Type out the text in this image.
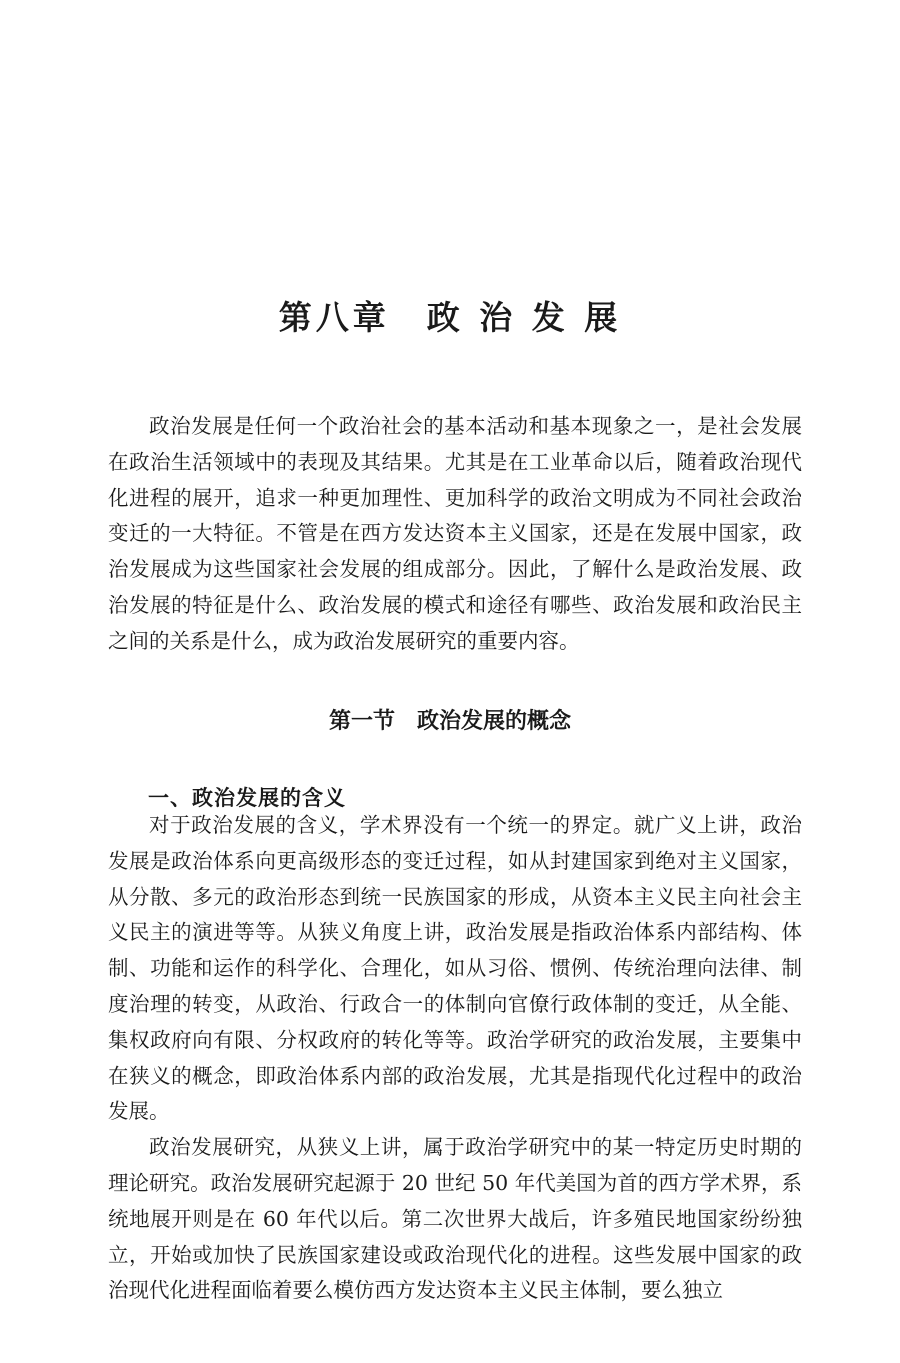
第八章　政 治 发 展

政治发展是任何一个政治社会的基本活动和基本现象之一，是社会发展在政治生活领域中的表现及其结果。尤其是在工业革命以后，随着政治现代化进程的展开，追求一种更加理性、更加科学的政治文明成为不同社会政治变迁的一大特征。不管是在西方发达资本主义国家，还是在发展中国家，政治发展成为这些国家社会发展的组成部分。因此，了解什么是政治发展、政治发展的特征是什么、政治发展的模式和途径有哪些、政治发展和政治民主之间的关系是什么，成为政治发展研究的重要内容。

第一节　政治发展的概念
一、政治发展的含义

对于政治发展的含义，学术界没有一个统一的界定。就广义上讲，政治发展是政治体系向更高级形态的变迁过程，如从封建国家到绝对主义国家，从分散、多元的政治形态到统一民族国家的形成，从资本主义民主向社会主义民主的演进等等。从狭义角度上讲，政治发展是指政治体系内部结构、体制、功能和运作的科学化、合理化，如从习俗、惯例、传统治理向法律、制度治理的转变，从政治、行政合一的体制向官僚行政体制的变迁，从全能、集权政府向有限、分权政府的转化等等。政治学研究的政治发展，主要集中在狭义的概念，即政治体系内部的政治发展，尤其是指现代化过程中的政治发展。

政治发展研究，从狭义上讲，属于政治学研究中的某一特定历史时期的理论研究。政治发展研究起源于 20 世纪 50 年代美国为首的西方学术界，系统地展开则是在 60 年代以后。第二次世界大战后，许多殖民地国家纷纷独立，开始或加快了民族国家建设或政治现代化的进程。这些发展中国家的政治现代化进程面临着要么模仿西方发达资本主义民主体制，要么独立
